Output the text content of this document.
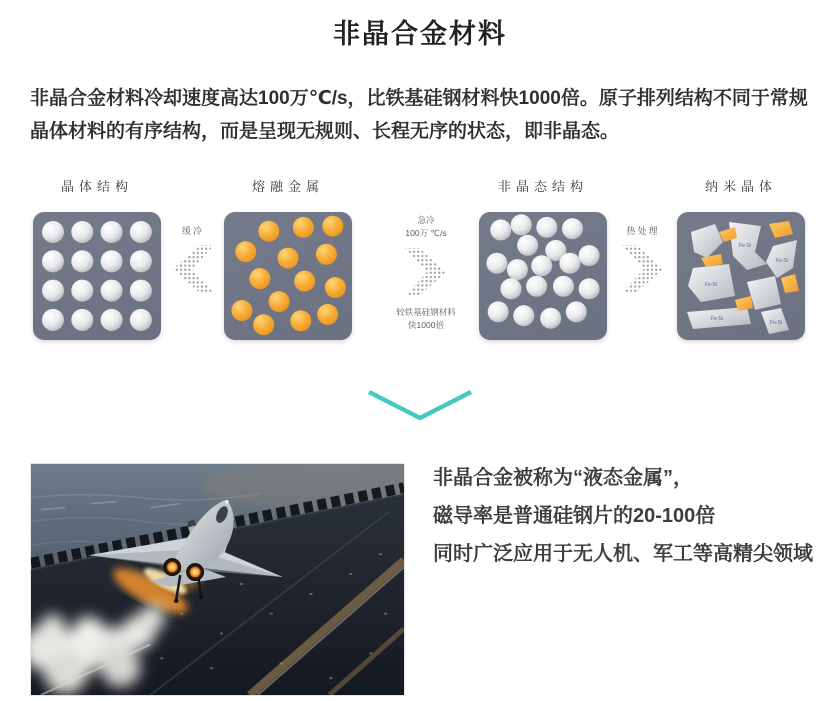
非晶合金材料

非晶合金材料冷却速度高达100万℃/s，比铁基硅钢材料快1000倍。原子排列结构不同于常规晶体材料的有序结构，而是呈现无规则、长程无序的状态，即非晶态。

晶体结构
缓冷
熔融金属
急冷
100万 ℃/s
较铁基硅钢材料
快1000倍
非晶态结构
热处理
纳米晶体
Fe-Si
Fe-Si
Fe-Si
Fe-Si
Fe-Si
非晶合金被称为“液态金属”，
磁导率是普通硅钢片的20-100倍
同时广泛应用于无人机、军工等高精尖领域
